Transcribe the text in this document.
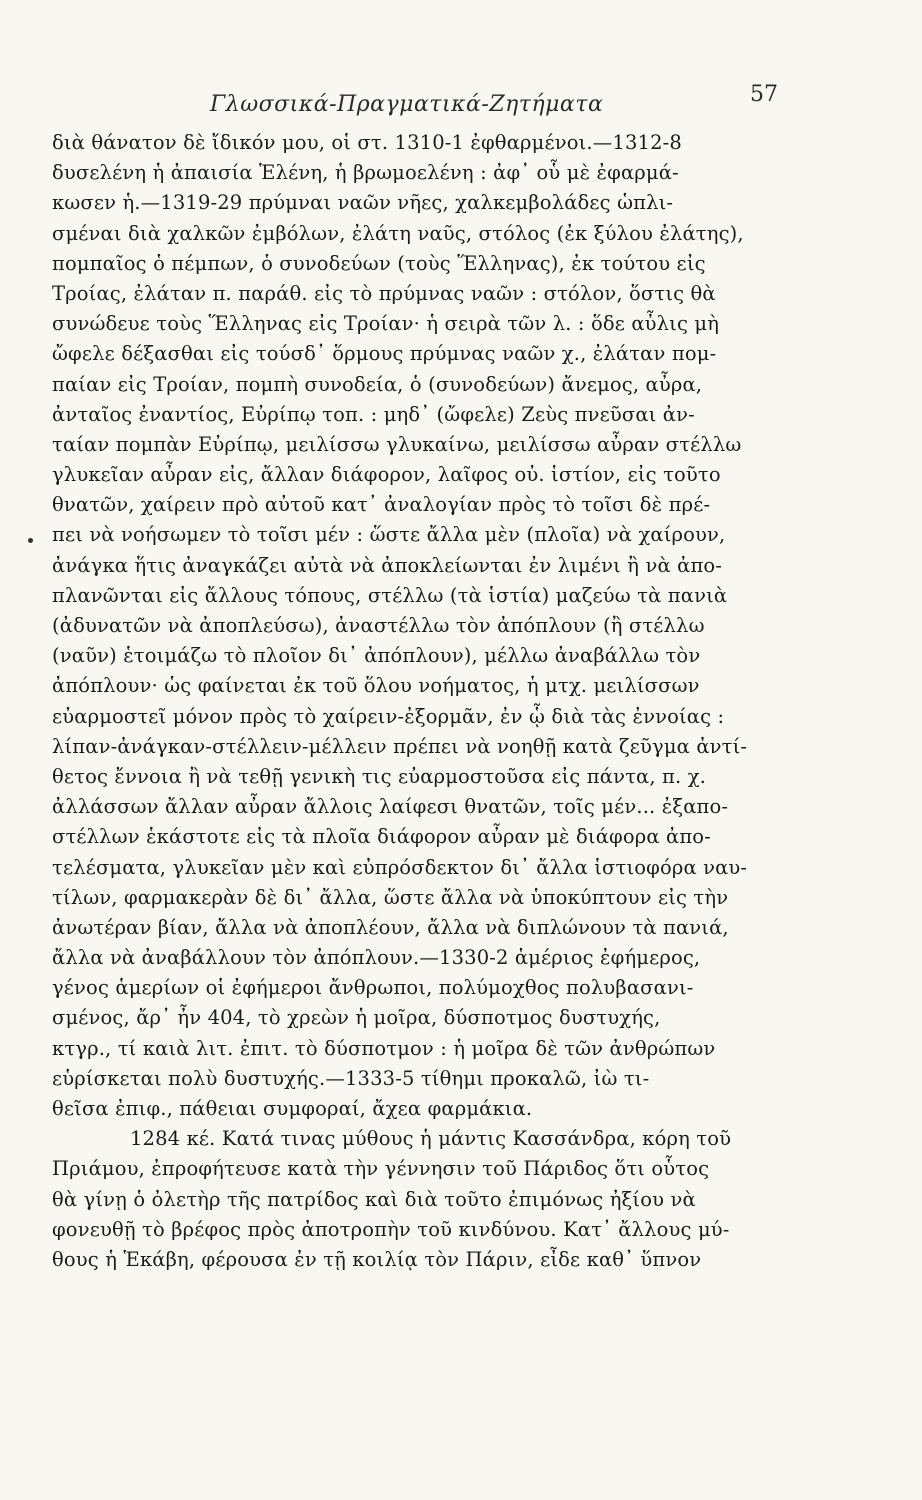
Γλωσσικά-Πραγματικά-Ζητήματα	57
διὰ θάνατον δὲ ἴδικόν μου, οἱ στ. 1310-1 ἐφθαρμένοι.—1312-8
δυσελένη ἡ ἀπαισία Ἑλένη, ἡ βρωμοελένη : ἀφ᾽ οὗ μὲ ἐφαρμά-
κωσεν ἡ.—1319-29 πρύμναι ναῶν νῆες, χαλκεμβολάδες ὡπλι-
σμέναι διὰ χαλκῶν ἐμβόλων, ἐλάτη ναῦς, στόλος (ἐκ ξύλου ἐλάτης),
πομπαῖος ὁ πέμπων, ὁ συνοδεύων (τοὺς Ἕλληνας), ἐκ τούτου εἰς
Τροίας, ἐλάταν π. παράθ. εἰς τὸ πρύμνας ναῶν : στόλον, ὅστις θὰ
συνώδευε τοὺς Ἕλληνας εἰς Τροίαν· ἡ σειρὰ τῶν λ. : ὅδε αὖλις μὴ
ὤφελε δέξασθαι εἰς τούσδ᾽ ὅρμους πρύμνας ναῶν χ., ἐλάταν πομ-
παίαν εἰς Τροίαν, πομπὴ συνοδεία, ὁ (συνοδεύων) ἄνεμος, αὖρα,
ἀνταῖος ἐναντίος, Εὐρίπῳ τοπ. : μηδ᾽ (ὤφελε) Ζεὺς πνεῦσαι ἀν-
ταίαν πομπὰν Εὐρίπῳ, μειλίσσω γλυκαίνω, μειλίσσω αὖραν στέλλω
γλυκεῖαν αὖραν εἰς, ἄλλαν διάφορον, λαῖφος οὐ. ἱστίον, εἰς τοῦτο
θνατῶν, χαίρειν πρὸ αὐτοῦ κατ᾽ ἀναλογίαν πρὸς τὸ τοῖσι δὲ πρέ-
πει νὰ νοήσωμεν τὸ τοῖσι μέν : ὥστε ἄλλα μὲν (πλοῖα) νὰ χαίρουν,
ἀνάγκα ἥτις ἀναγκάζει αὐτὰ νὰ ἀποκλείωνται ἐν λιμένι ἢ νὰ ἀπο-
πλανῶνται εἰς ἄλλους τόπους, στέλλω (τὰ ἱστία) μαζεύω τὰ πανιὰ
(ἀδυνατῶν νὰ ἀποπλεύσω), ἀναστέλλω τὸν ἀπόπλουν (ἢ στέλλω
(ναῦν) ἑτοιμάζω τὸ πλοῖον δι᾽ ἀπόπλουν), μέλλω ἀναβάλλω τὸν
ἀπόπλουν· ὡς φαίνεται ἐκ τοῦ ὅλου νοήματος, ἡ μτχ. μειλίσσων
εὐαρμοστεῖ μόνον πρὸς τὸ χαίρειν-ἐξορμᾶν, ἐν ᾧ διὰ τὰς ἐννοίας :
λίπαν-ἀνάγκαν-στέλλειν-μέλλειν πρέπει νὰ νοηθῇ κατὰ ζεῦγμα ἀντί-
θετος ἔννοια ἢ νὰ τεθῇ γενικὴ τις εὐαρμοστοῦσα εἰς πάντα, π. χ.
ἀλλάσσων ἄλλαν αὖραν ἄλλοις λαίφεσι θνατῶν, τοῖς μέν... ἐξαπο-
στέλλων ἑκάστοτε εἰς τὰ πλοῖα διάφορον αὖραν μὲ διάφορα ἀπο-
τελέσματα, γλυκεῖαν μὲν καὶ εὐπρόσδεκτον δι᾽ ἄλλα ἱστιοφόρα ναυ-
τίλων, φαρμακερὰν δὲ δι᾽ ἄλλα, ὥστε ἄλλα νὰ ὑποκύπτουν εἰς τὴν
ἀνωτέραν βίαν, ἄλλα νὰ ἀποπλέουν, ἄλλα νὰ διπλώνουν τὰ πανιά,
ἄλλα νὰ ἀναβάλλουν τὸν ἀπόπλουν.—1330-2 ἁμέριος ἐφήμερος,
γένος ἁμερίων οἱ ἐφήμεροι ἄνθρωποι, πολύμοχθος πολυβασανι-
σμένος, ἄρ᾽ ἦν 404, τὸ χρεὼν ἡ μοῖρα, δύσποτμος δυστυχής,
κτγρ., τί καιὰ λιτ. ἐπιτ. τὸ δύσποτμον : ἡ μοῖρα δὲ τῶν ἀνθρώπων
εὑρίσκεται πολὺ δυστυχής.—1333-5 τίθημι προκαλῶ, ἰὼ τι-
θεῖσα ἐπιφ., πάθειαι συμφοραί, ἄχεα φαρμάκια.
1284 κέ. Κατά τινας μύθους ἡ μάντις Κασσάνδρα, κόρη τοῦ
Πριάμου, ἐπροφήτευσε κατὰ τὴν γέννησιν τοῦ Πάριδος ὅτι οὗτος
θὰ γίνῃ ὁ ὀλετὴρ τῆς πατρίδος καὶ διὰ τοῦτο ἐπιμόνως ἠξίου νὰ
φονευθῇ τὸ βρέφος πρὸς ἀποτροπὴν τοῦ κινδύνου. Κατ᾽ ἄλλους μύ-
θους ἡ Ἑκάβη, φέρουσα ἐν τῇ κοιλίᾳ τὸν Πάριν, εἶδε καθ᾽ ὕπνον
